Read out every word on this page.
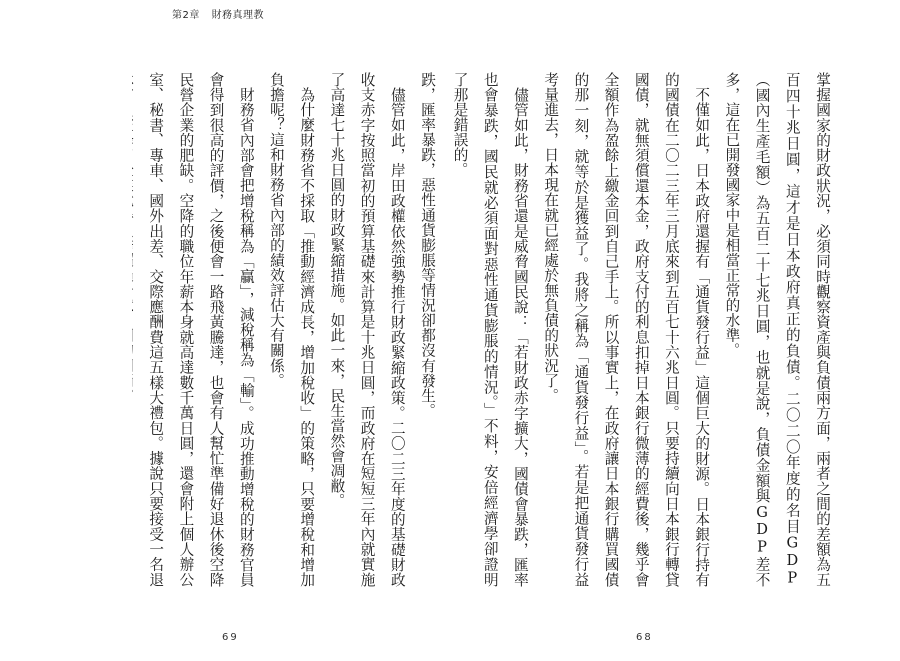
第2章 財務真理教

跌，匯率暴跌，惡性通貨膨脹等情況卻都沒有發生。

儘管如此，岸田政權依然強勢推行財政緊縮政策。二〇二三年度的基礎財政收支赤字按照當初的預算基礎來計算是十兆日圓，而政府在短短三年內就實施了高達七十兆日圓的財政緊縮措施。如此一來，民生當然會凋敝。

為什麼財務省不採取「推動經濟成長，增加稅收」的策略，只要增稅和增加負擔呢？這和財務省內部的績效評估大有關係。

財務省內部會把增稅稱為「贏」，減稅稱為「輸」。成功推動增稅的財務官員會得到很高的評價，之後便會一路飛黃騰達，也會有人幫忙準備好退休後空降民營企業的肥缺。空降的職位年薪本身就高達數千萬日圓，還會附上個人辦公室、秘書、專車、國外出差、交際應酬費這五樣大禮包。據說只要接受一名退

69

掌握國家的財政狀況，必須同時觀察資產與負債兩方面，兩者之間的差額為五百四十兆日圓，這才是日本政府真正的負債。二〇二〇年度的名目GDP（國內生產毛額）為五百二十七兆日圓，也就是說，負債金額與GDP差不多，這在已開發國家中是相當正常的水準。

不僅如此，日本政府還握有「通貨發行益」這個巨大的財源。日本銀行持有的國債在二〇二三年三月底來到五百七十六兆日圓。只要持續向日本銀行轉貸國債，就無須償還本金，政府支付的利息扣掉日本銀行微薄的經費後，幾乎會全額作為盈餘上繳金回到自己手上。所以事實上，在政府讓日本銀行購買國債的那一刻，就等於是獲益了。我將之稱為「通貨發行益」。若是把通貨發行益考量進去，日本現在就已經處於無負債的狀況了。

儘管如此，財務省還是威脅國民說：「若財政赤字擴大，國債會暴跌，匯率也會暴跌，國民就必須面對惡性通貨膨脹的情況。」不料，安倍經濟學卻證明了那是錯誤的。

68
